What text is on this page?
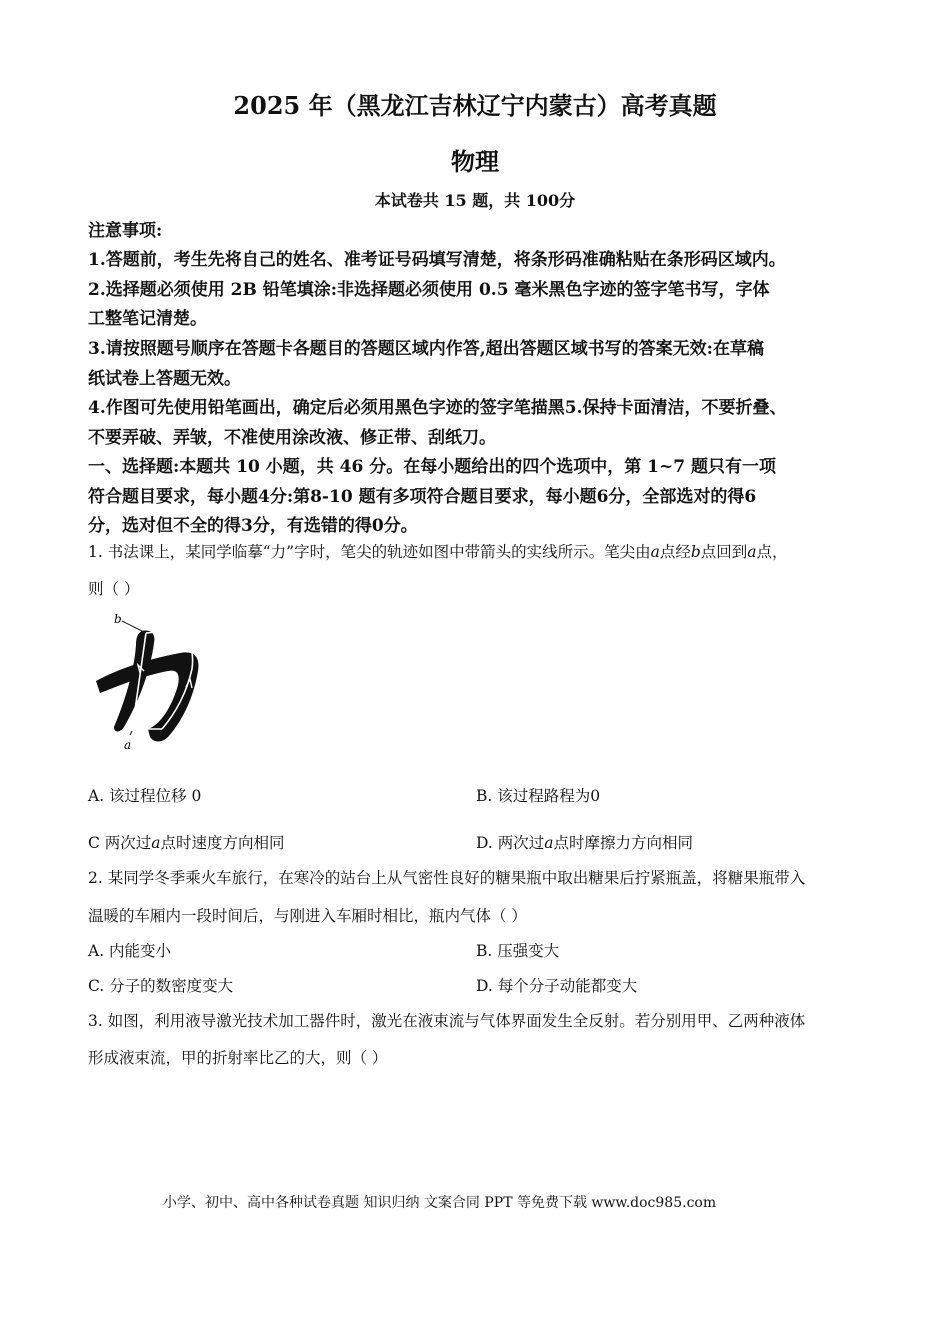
2025 年（黑龙江吉林辽宁内蒙古）高考真题
物理
本试卷共 15 题，共 100分
注意事项:
1.答题前，考生先将自己的姓名、准考证号码填写清楚，将条形码准确粘贴在条形码区域内。
2.选择题必须使用 2B 铅笔填涂:非选择题必须使用 0.5 毫米黑色字迹的签字笔书写，字体
工整笔记清楚。
3.请按照题号顺序在答题卡各题目的答题区域内作答,超出答题区域书写的答案无效:在草稿
纸试卷上答题无效。
4.作图可先使用铅笔画出，确定后必须用黑色字迹的签字笔描黑5.保持卡面清洁，不要折叠、
不要弄破、弄皱，不准使用涂改液、修正带、刮纸刀。
一、选择题:本题共 10 小题，共 46 分。在每小题给出的四个选项中，第 1~7 题只有一项
符合题目要求，每小题4分:第8-10 题有多项符合题目要求，每小题6分，全部选对的得6
分，选对但不全的得3分，有选错的得0分。
1. 书法课上，某同学临摹“力”字时，笔尖的轨迹如图中带箭头的实线所示。笔尖由a点经b点回到a点，
则（ ）
b
a
A. 该过程位移 0	B. 该过程路程为0
C 两次过a点时速度方向相同	D. 两次过a点时摩擦力方向相同
2. 某同学冬季乘火车旅行，在寒冷的站台上从气密性良好的糖果瓶中取出糖果后拧紧瓶盖，将糖果瓶带入
温暖的车厢内一段时间后，与刚进入车厢时相比，瓶内气体（ ）
A. 内能变小	B. 压强变大
C. 分子的数密度变大	D. 每个分子动能都变大
3. 如图，利用液导激光技术加工器件时，激光在液束流与气体界面发生全反射。若分别用甲、乙两种液体
形成液束流，甲的折射率比乙的大，则（ ）
小学、初中、高中各种试卷真题 知识归纳 文案合同 PPT 等免费下载 www.doc985.com
